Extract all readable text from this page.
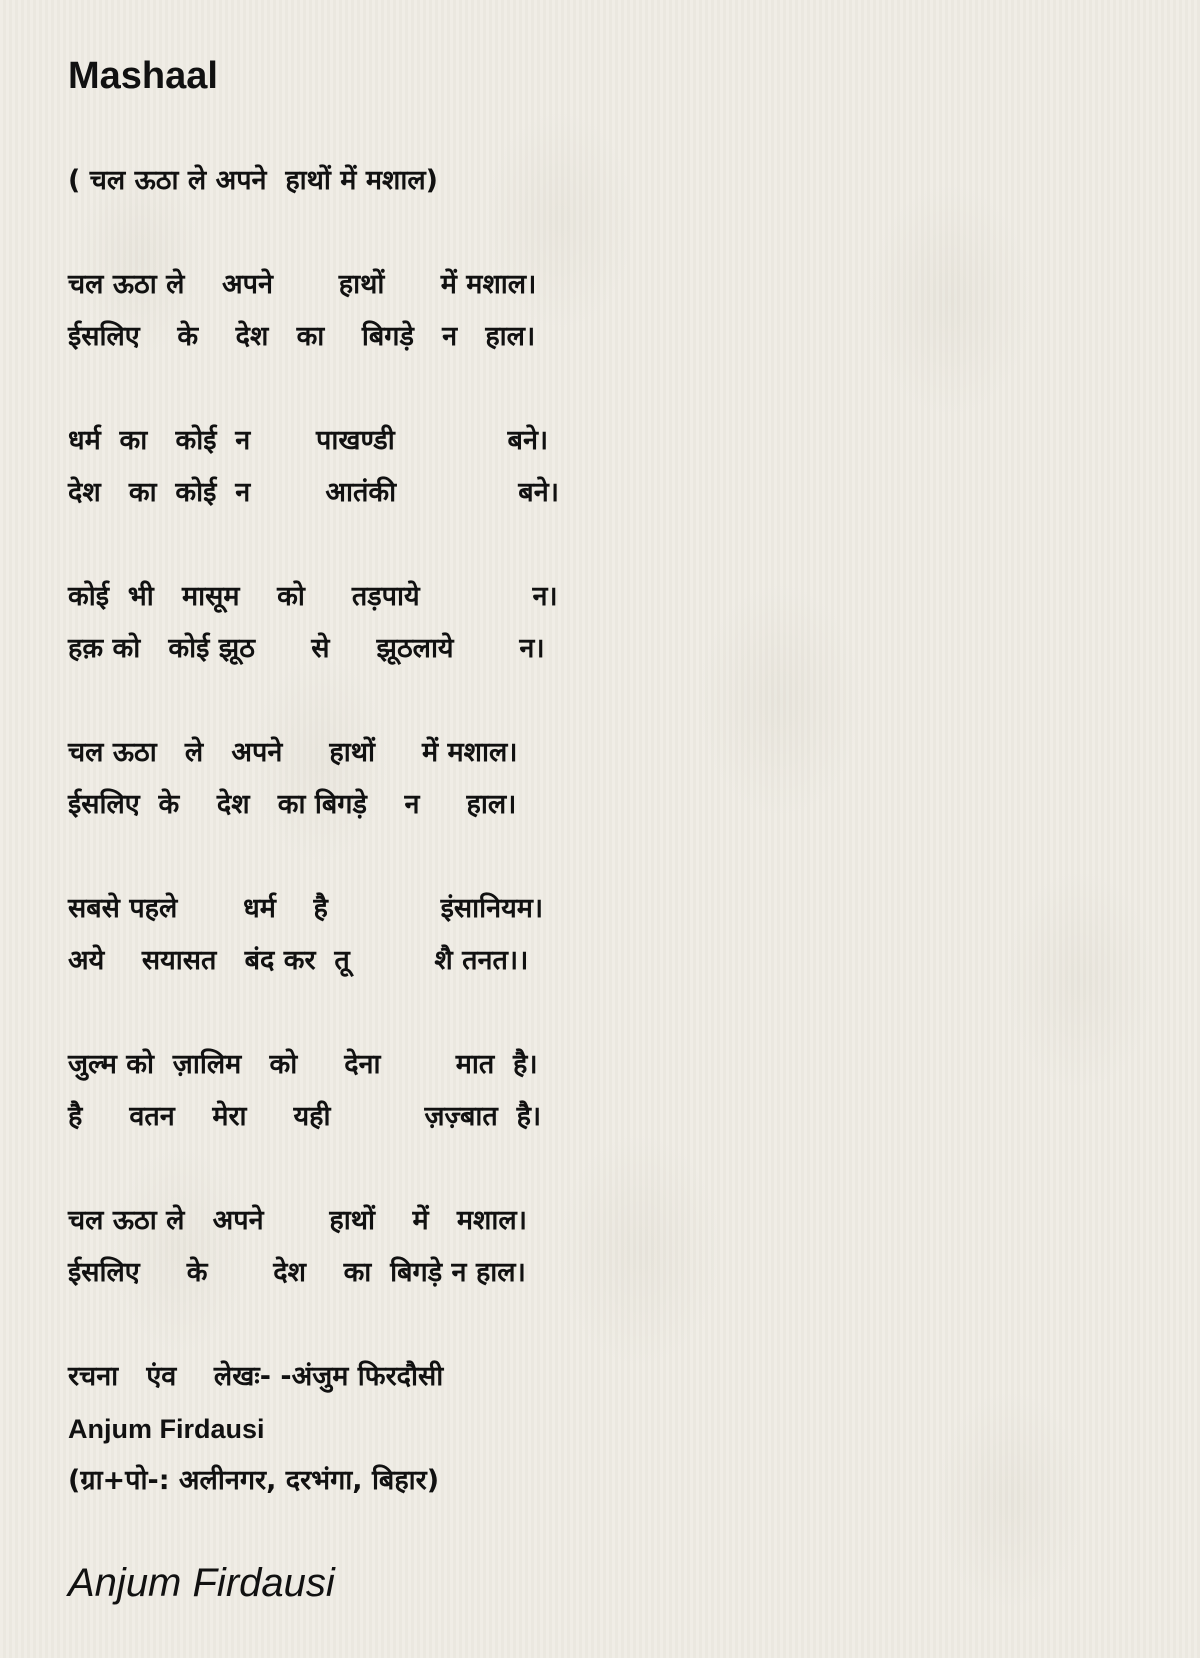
Mashaal
( चल ऊठा ले अपने  हाथों में मशाल)
चल ऊठा ले    अपने       हाथों      में मशाल।
ईसलिए    के    देश   का    बिगड़े   न   हाल।
धर्म  का   कोई  न       पाखण्डी            बने।
देश   का  कोई  न        आतंकी             बने।
कोई  भी   मासूम    को     तड़पाये            न।
हक़ को   कोई झूठ      से     झूठलाये       न।
चल ऊठा   ले   अपने     हाथों     में मशाल।
ईसलिए  के    देश   का बिगड़े    न     हाल।
सबसे पहले       धर्म    है            इंसानियम।
अये    सयासत   बंद कर  तू         शै तनत।।
जुल्म को  ज़ालिम   को     देना        मात  है।
है     वतन    मेरा     यही          ज़ज़्बात  है।
चल ऊठा ले   अपने       हाथों    में   मशाल।
ईसलिए     के       देश    का  बिगड़े न हाल।
रचना   एंव    लेखः- -अंजुम फिरदौसी
Anjum Firdausi
(ग्रा+पो-: अलीनगर, दरभंगा, बिहार)
Anjum Firdausi
